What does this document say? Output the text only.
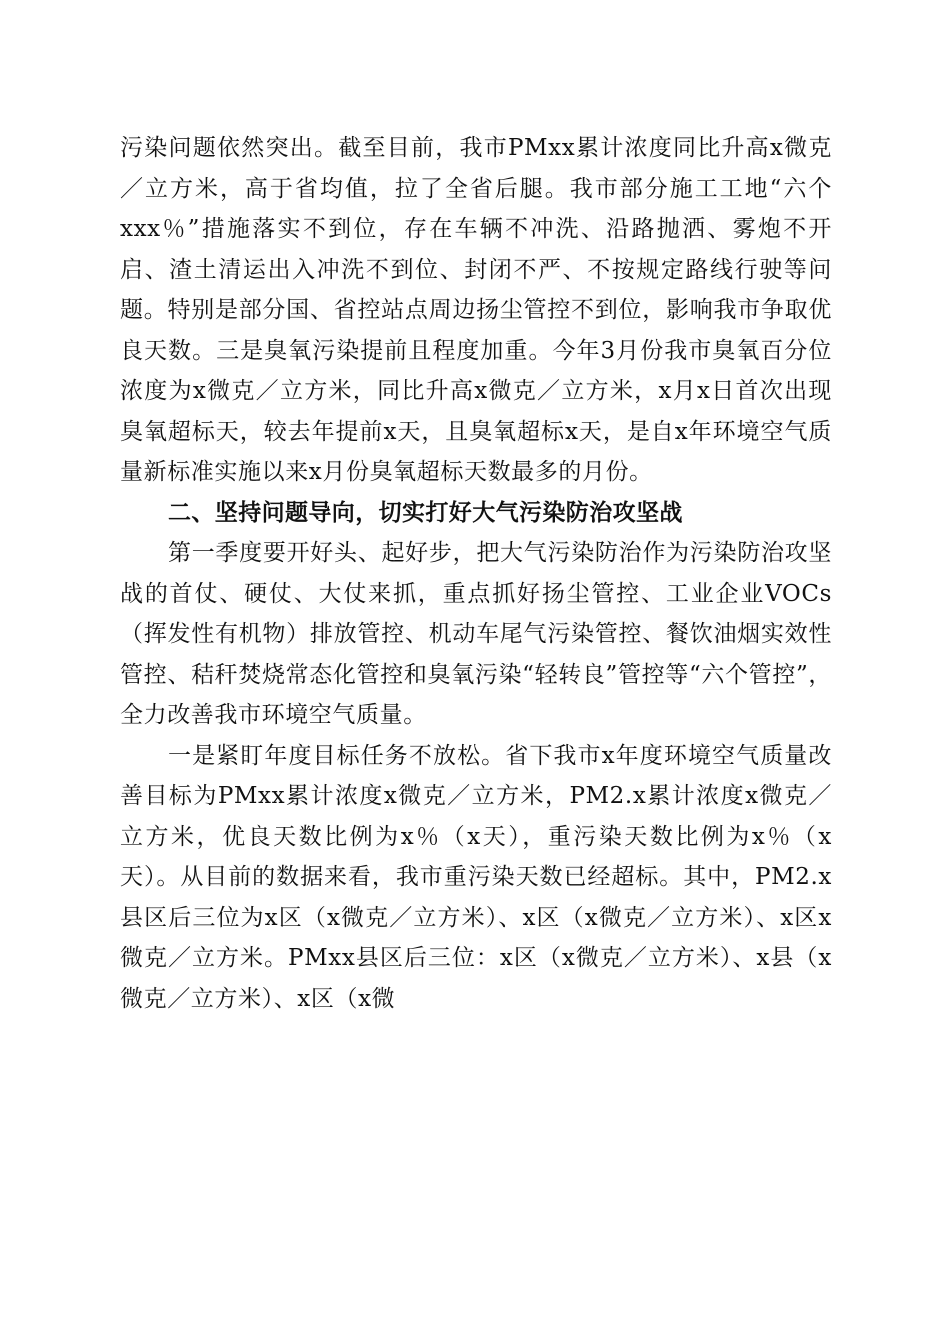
污染问题依然突出。截至目前，我市PMxx累计浓度同比升高x微克／立方米，高于省均值，拉了全省后腿。我市部分施工工地“六个xxx％”措施落实不到位，存在车辆不冲洗、沿路抛洒、雾炮不开启、渣土清运出入冲洗不到位、封闭不严、不按规定路线行驶等问题。特别是部分国、省控站点周边扬尘管控不到位，影响我市争取优良天数。三是臭氧污染提前且程度加重。今年3月份我市臭氧百分位浓度为x微克／立方米，同比升高x微克／立方米，x月x日首次出现臭氧超标天，较去年提前x天，且臭氧超标x天，是自x年环境空气质量新标准实施以来x月份臭氧超标天数最多的月份。

二、坚持问题导向，切实打好大气污染防治攻坚战

第一季度要开好头、起好步，把大气污染防治作为污染防治攻坚战的首仗、硬仗、大仗来抓，重点抓好扬尘管控、工业企业VOCs（挥发性有机物）排放管控、机动车尾气污染管控、餐饮油烟实效性管控、秸秆焚烧常态化管控和臭氧污染“轻转良”管控等“六个管控”，全力改善我市环境空气质量。

一是紧盯年度目标任务不放松。省下我市x年度环境空气质量改善目标为PMxx累计浓度x微克／立方米，PM2.x累计浓度x微克／立方米，优良天数比例为x％（x天），重污染天数比例为x％（x天）。从目前的数据来看，我市重污染天数已经超标。其中，PM2.x县区后三位为x区（x微克／立方米）、x区（x微克／立方米）、x区x微克／立方米。PMxx县区后三位：x区（x微克／立方米）、x县（x微克／立方米）、x区（x微
